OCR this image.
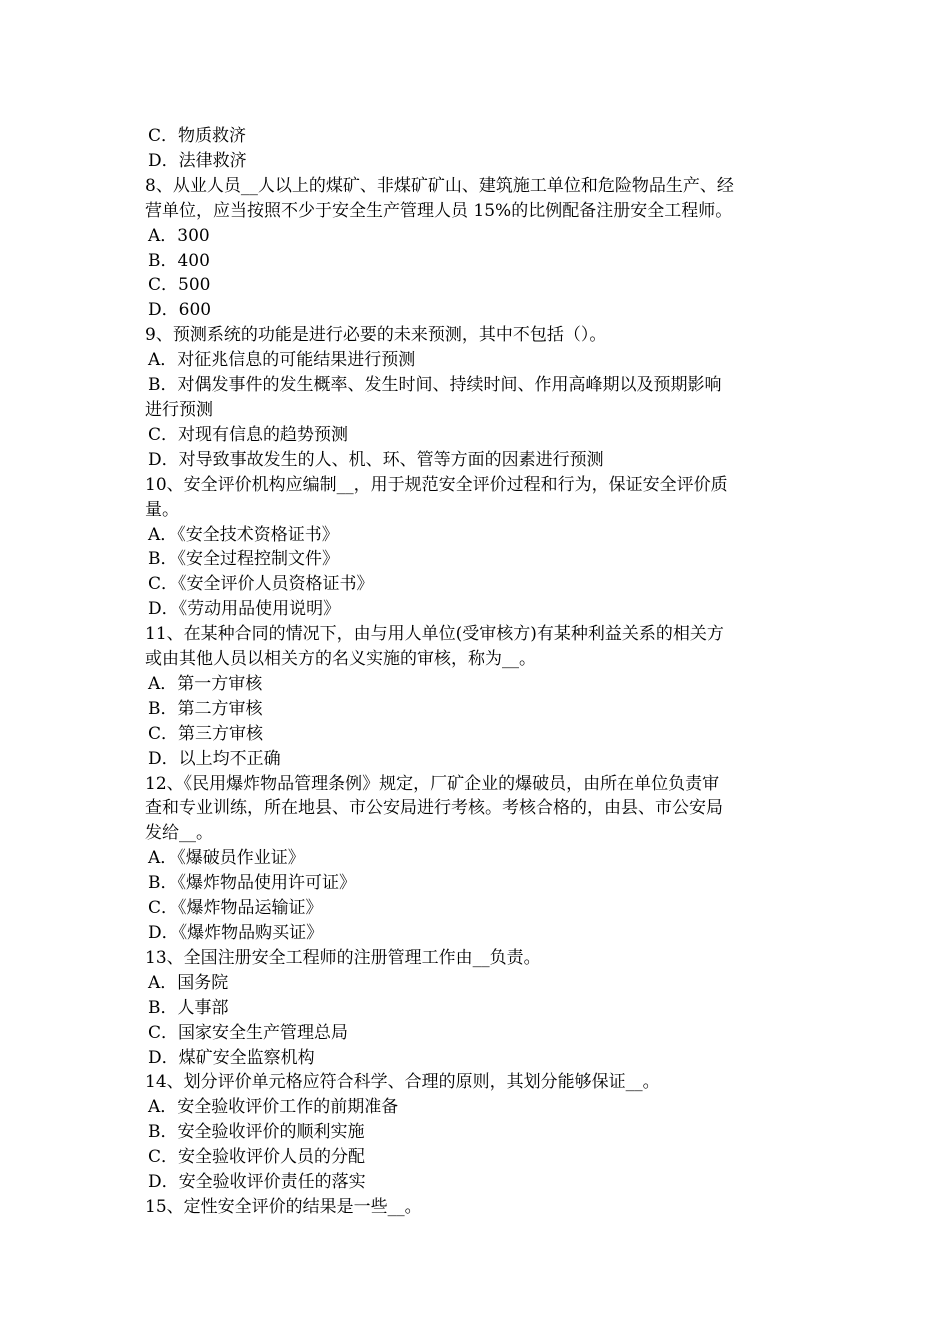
C．物质救济
D．法律救济
8、从业人员__人以上的煤矿、非煤矿矿山、建筑施工单位和危险物品生产、经
营单位，应当按照不少于安全生产管理人员 15%的比例配备注册安全工程师。
A．300
B．400
C．500
D．600
9、预测系统的功能是进行必要的未来预测，其中不包括（）。
A．对征兆信息的可能结果进行预测
B．对偶发事件的发生概率、发生时间、持续时间、作用高峰期以及预期影响
进行预测
C．对现有信息的趋势预测
D．对导致事故发生的人、机、环、管等方面的因素进行预测
10、安全评价机构应编制__，用于规范安全评价过程和行为，保证安全评价质
量。
A．《安全技术资格证书》
B．《安全过程控制文件》
C．《安全评价人员资格证书》
D．《劳动用品使用说明》
11、在某种合同的情况下，由与用人单位(受审核方)有某种利益关系的相关方
或由其他人员以相关方的名义实施的审核，称为__。
A．第一方审核
B．第二方审核
C．第三方审核
D．以上均不正确
12、《民用爆炸物品管理条例》规定，厂矿企业的爆破员，由所在单位负责审
查和专业训练，所在地县、市公安局进行考核。考核合格的，由县、市公安局
发给__。
A．《爆破员作业证》
B．《爆炸物品使用许可证》
C．《爆炸物品运输证》
D．《爆炸物品购买证》
13、全国注册安全工程师的注册管理工作由__负责。
A．国务院
B．人事部
C．国家安全生产管理总局
D．煤矿安全监察机构
14、划分评价单元格应符合科学、合理的原则，其划分能够保证__。
A．安全验收评价工作的前期准备
B．安全验收评价的顺利实施
C．安全验收评价人员的分配
D．安全验收评价责任的落实
15、定性安全评价的结果是一些__。
